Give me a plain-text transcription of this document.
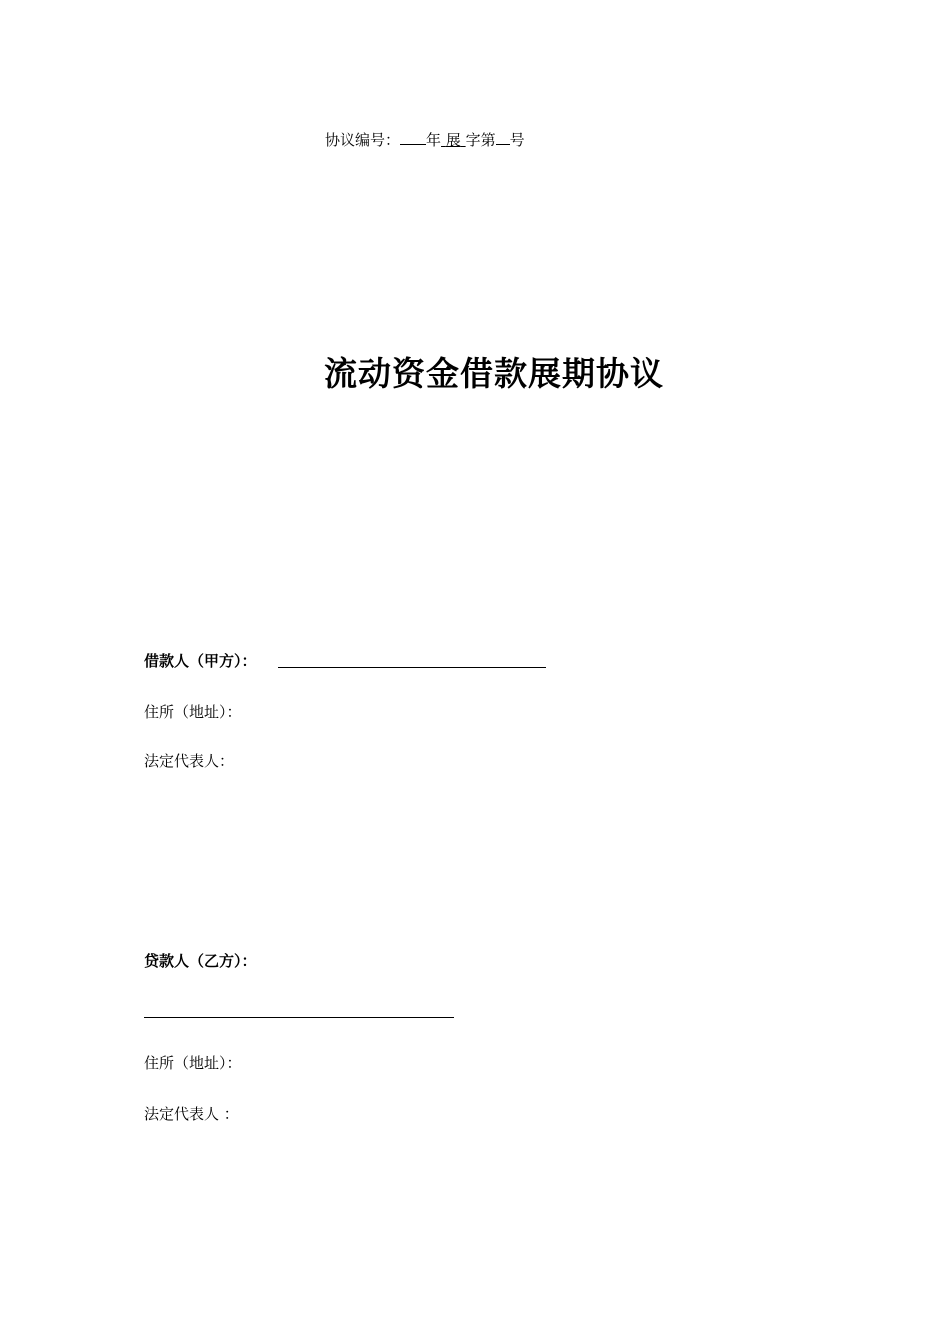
协议编号： 年 展 字第 号
流动资金借款展期协议
借款人（甲方）：
住所（地址）：
法定代表人：
贷款人（乙方）：
住所（地址）：
法定代表人 ：
